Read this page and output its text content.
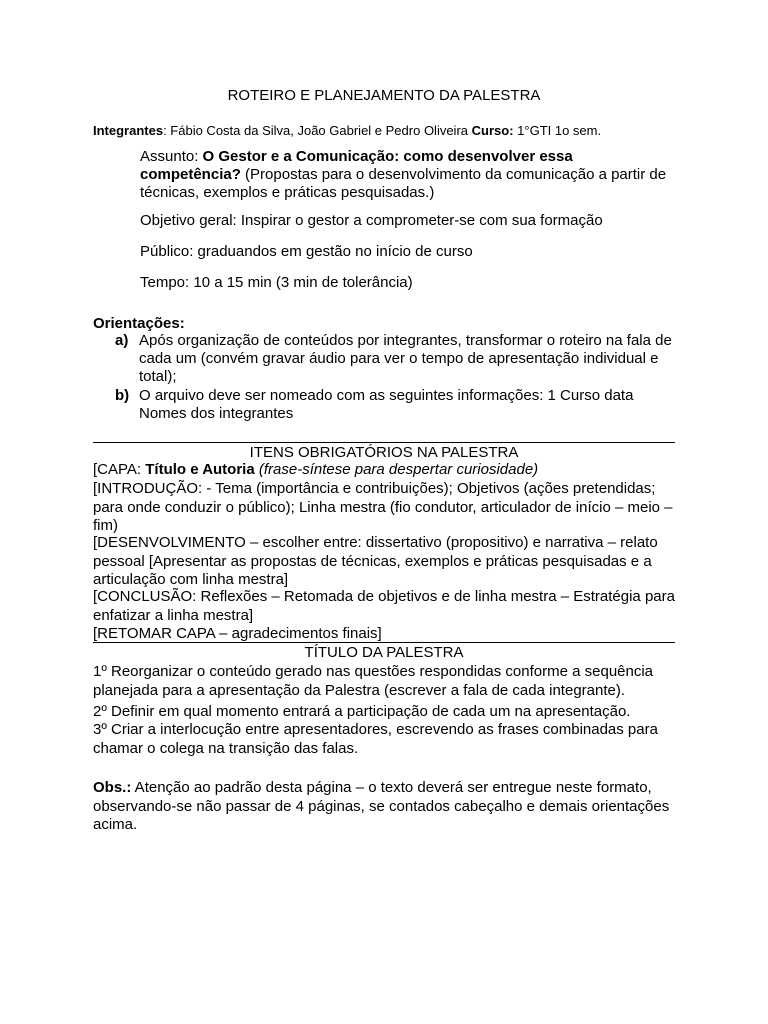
ROTEIRO E PLANEJAMENTO DA PALESTRA
Integrantes: Fábio Costa da Silva, João Gabriel e Pedro Oliveira Curso: 1°GTI 1o sem.
Assunto: O Gestor e a Comunicação: como desenvolver essa competência? (Propostas para o desenvolvimento da comunicação a partir de técnicas, exemplos e práticas pesquisadas.)
Objetivo geral: Inspirar o gestor a comprometer-se com sua formação
Público: graduandos em gestão no início de curso
Tempo: 10 a 15 min (3 min de tolerância)
Orientações:
a) Após organização de conteúdos por integrantes, transformar o roteiro na fala de cada um (convém gravar áudio para ver o tempo de apresentação individual e total);
b) O arquivo deve ser nomeado com as seguintes informações: 1 Curso data Nomes dos integrantes
ITENS OBRIGATÓRIOS NA PALESTRA
[CAPA: Título e Autoria (frase-síntese para despertar curiosidade)
[INTRODUÇÃO: - Tema (importância e contribuições); Objetivos (ações pretendidas; para onde conduzir o público); Linha mestra (fio condutor, articulador de início – meio – fim)
[DESENVOLVIMENTO – escolher entre: dissertativo (propositivo) e narrativa – relato pessoal [Apresentar as propostas de técnicas, exemplos e práticas pesquisadas e a articulação com linha mestra]
[CONCLUSÃO: Reflexões – Retomada de objetivos e de linha mestra – Estratégia para enfatizar a linha mestra]
[RETOMAR CAPA – agradecimentos finais]
TÍTULO DA PALESTRA
1º Reorganizar o conteúdo gerado nas questões respondidas conforme a sequência planejada para a apresentação da Palestra (escrever a fala de cada integrante).
2º Definir em qual momento entrará a participação de cada um na apresentação.
3º Criar a interlocução entre apresentadores, escrevendo as frases combinadas para chamar o colega na transição das falas.
Obs.: Atenção ao padrão desta página – o texto deverá ser entregue neste formato, observando-se não passar de 4 páginas, se contados cabeçalho e demais orientações acima.
